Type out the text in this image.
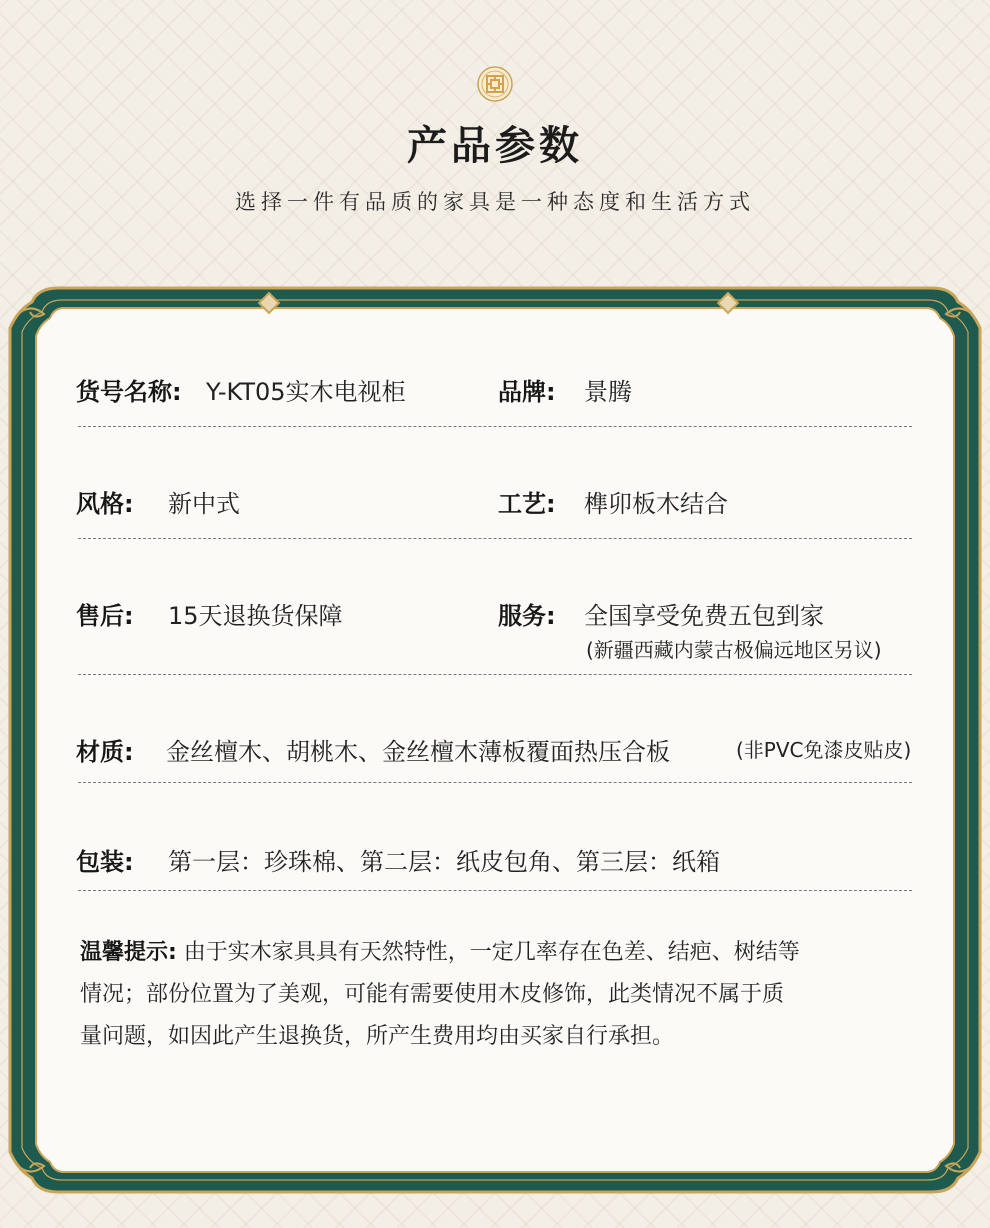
产品参数
选择一件有品质的家具是一种态度和生活方式
货号名称: Y-KT05实木电视柜	品牌: 景腾
风格: 新中式	工艺: 榫卯板木结合
售后: 15天退换货保障	服务: 全国享受免费五包到家
(新疆西藏内蒙古极偏远地区另议)
材质: 金丝檀木、胡桃木、金丝檀木薄板覆面热压合板	(非PVC免漆皮贴皮)
包装: 第一层：珍珠棉、第二层：纸皮包角、第三层：纸箱
温馨提示: 由于实木家具具有天然特性，一定几率存在色差、结疤、树结等
情况；部份位置为了美观，可能有需要使用木皮修饰，此类情况不属于质
量问题，如因此产生退换货，所产生费用均由买家自行承担。
